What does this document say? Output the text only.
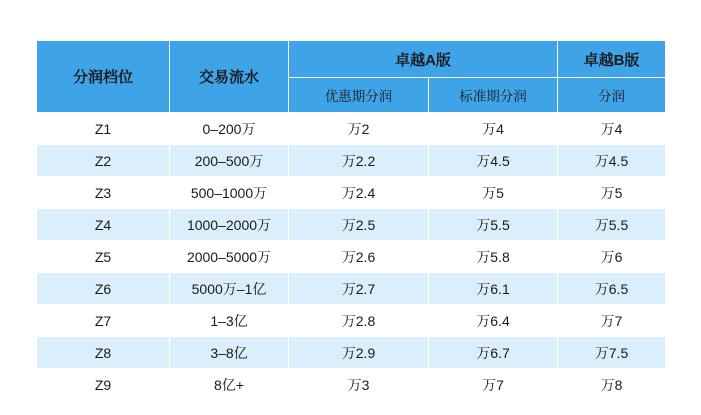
分润档位	交易流水	卓越A版		卓越B版
		优惠期分润	标准期分润	分润
Z1	0–200万	万2	万4	万4
Z2	200–500万	万2.2	万4.5	万4.5
Z3	500–1000万	万2.4	万5	万5
Z4	1000–2000万	万2.5	万5.5	万5.5
Z5	2000–5000万	万2.6	万5.8	万6
Z6	5000万–1亿	万2.7	万6.1	万6.5
Z7	1–3亿	万2.8	万6.4	万7
Z8	3–8亿	万2.9	万6.7	万7.5
Z9	8亿+	万3	万7	万8
